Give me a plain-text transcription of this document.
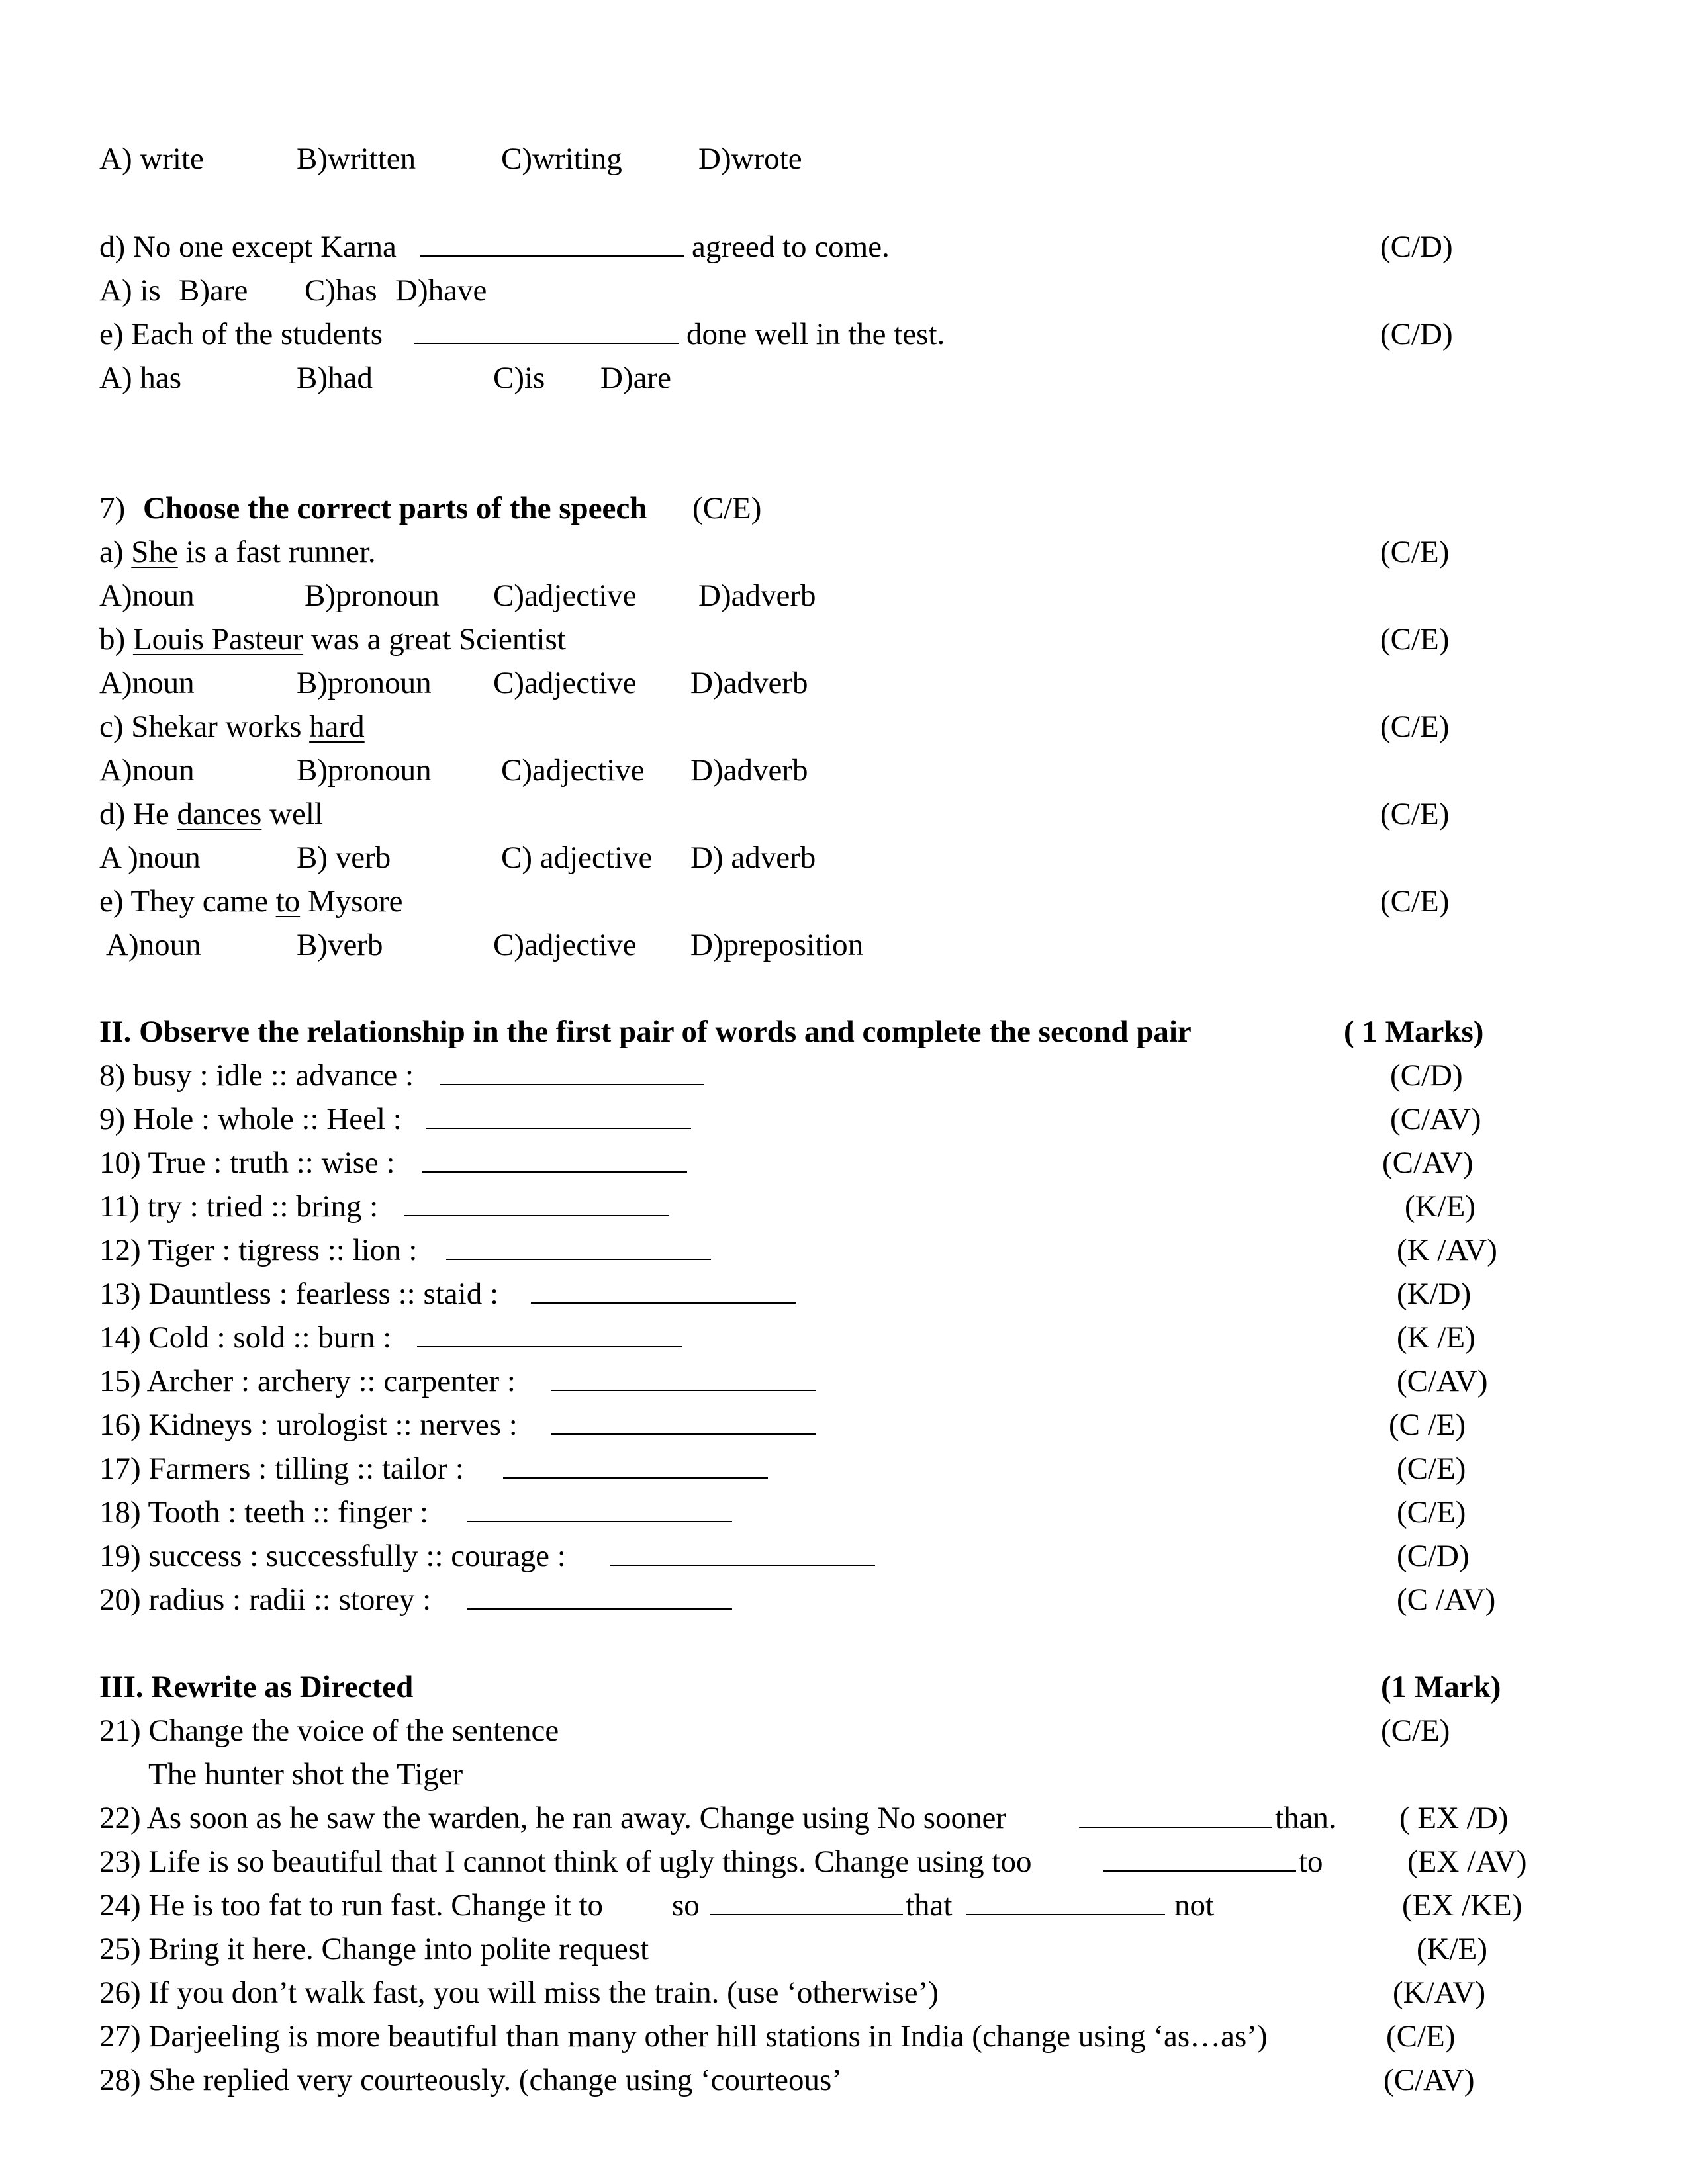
A) write	B)written	C)writing D)wrote
d) No one except Karna	agreed to come.	(C/D)
A) is B)are C)has D)have
e) Each of the students	done well in the test.	(C/D)
A) has	B)had	C)is D)are
7) Choose the correct parts of the speech (C/E)
a) She is a fast runner.	(C/E)
A)noun	B)pronoun C)adjective D)adverb
b) Louis Pasteur was a great Scientist	(C/E)
A)noun	B)pronoun C)adjective D)adverb
c) Shekar works hard	(C/E)
A)noun	B)pronoun C)adjective D)adverb
d) He dances well	(C/E)
A )noun	B) verb	C) adjective D) adverb
e) They came to Mysore	(C/E)
A)noun	B)verb	C)adjective D)preposition
II. Observe the relationship in the first pair of words and complete the second pair	( 1 Marks)
8) busy : idle :: advance :	(C/D)
9) Hole : whole :: Heel :	(C/AV)
10) True : truth :: wise :	(C/AV)
11) try : tried :: bring :	(K/E)
12) Tiger : tigress :: lion :	(K /AV)
13) Dauntless : fearless :: staid :	(K/D)
14) Cold : sold :: burn :	(K /E)
15) Archer : archery :: carpenter :	(C/AV)
16) Kidneys : urologist :: nerves :	(C /E)
17) Farmers : tilling :: tailor :	(C/E)
18) Tooth : teeth :: finger :	(C/E)
19) success : successfully :: courage :	(C/D)
20) radius : radii :: storey :	(C /AV)
III. Rewrite as Directed	(1 Mark)
21) Change the voice of the sentence	(C/E)
The hunter shot the Tiger
22) As soon as he saw the warden, he ran away. Change using No sooner	than. ( EX /D)
23) Life is so beautiful that I cannot think of ugly things. Change using too	to	(EX /AV)
24) He is too fat to run fast. Change it to so	that	not	(EX /KE)
25) Bring it here. Change into polite request	(K/E)
26) If you don’t walk fast, you will miss the train. (use ‘otherwise’)	(K/AV)
27) Darjeeling is more beautiful than many other hill stations in India (change using ‘as…as’)	(C/E)
28) She replied very courteously. (change using ‘courteous’	(C/AV)
